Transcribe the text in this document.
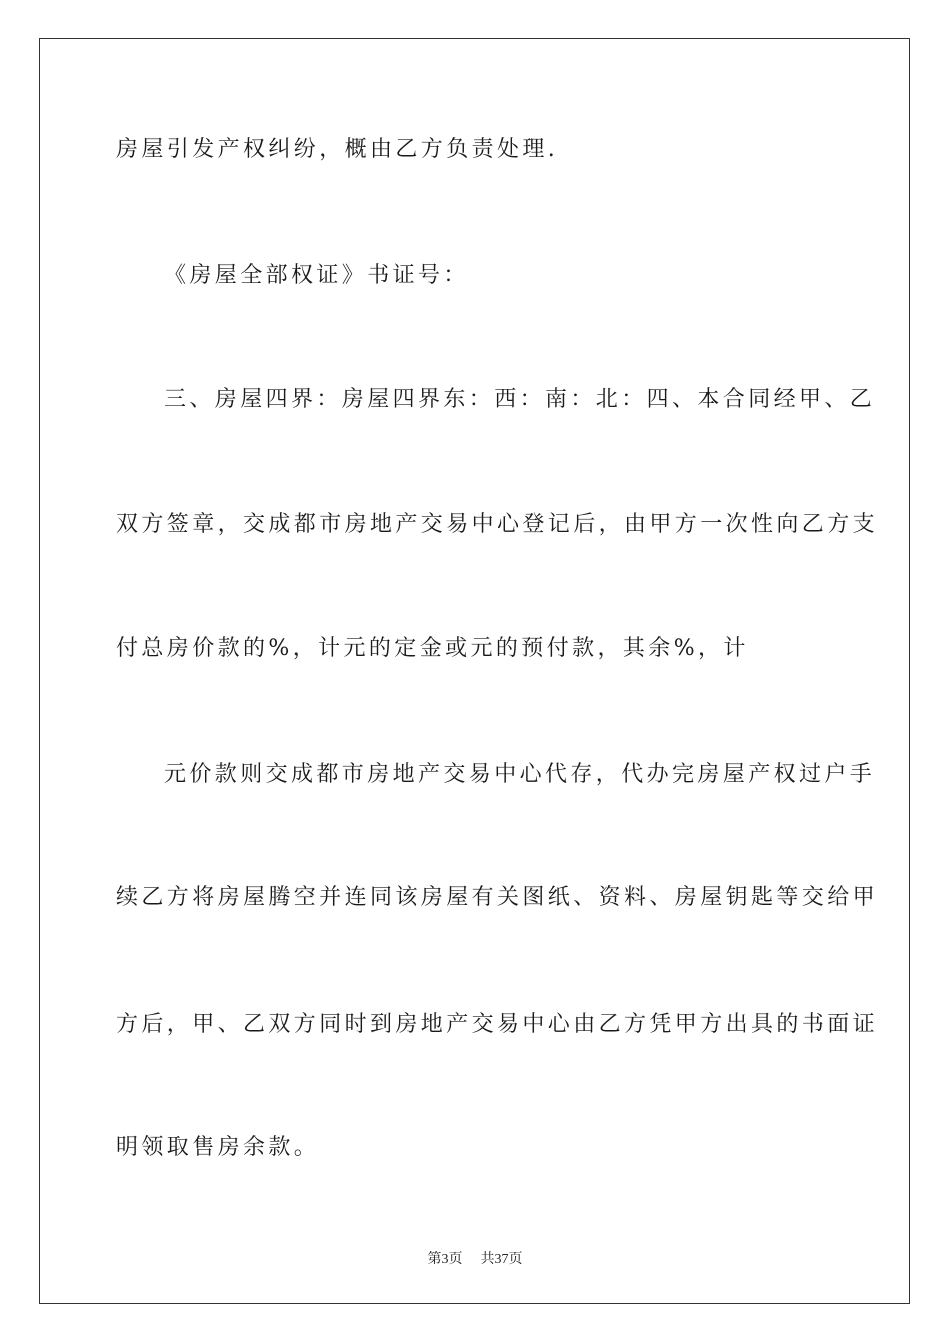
房屋引发产权纠纷，概由乙方负责处理.
《房屋全部权证》书证号：
三、房屋四界：房屋四界东：西：南：北：四、本合同经甲、乙
双方签章，交成都市房地产交易中心登记后，由甲方一次性向乙方支
付总房价款的%，计元的定金或元的预付款，其余%，计
元价款则交成都市房地产交易中心代存，代办完房屋产权过户手
续乙方将房屋腾空并连同该房屋有关图纸、资料、房屋钥匙等交给甲
方后，甲、乙双方同时到房地产交易中心由乙方凭甲方出具的书面证
明领取售房余款。
第3页 共37页
